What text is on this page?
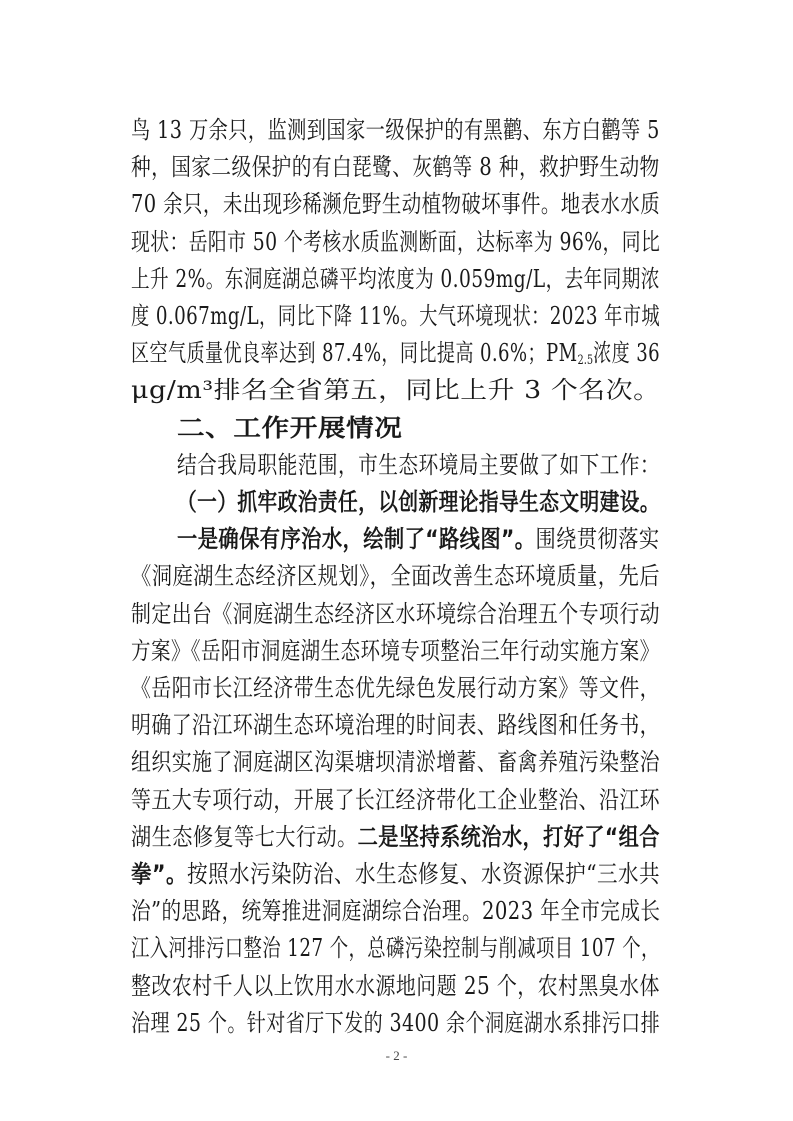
鸟 13 万余只，监测到国家一级保护的有黑鹳、东方白鹳等 5
种，国家二级保护的有白琵鹭、灰鹤等 8 种，救护野生动物
70 余只，未出现珍稀濒危野生动植物破坏事件。地表水水质
现状：岳阳市 50 个考核水质监测断面，达标率为 96%，同比
上升 2%。东洞庭湖总磷平均浓度为 0.059mg/L，去年同期浓
度 0.067mg/L，同比下降 11%。大气环境现状：2023 年市城
区空气质量优良率达到 87.4%，同比提高 0.6%；$PM_{2.5}$浓度 36
μg/m³排名全省第五，同比上升 3 个名次。
二、工作开展情况
结合我局职能范围，市生态环境局主要做了如下工作：
（一）抓牢政治责任，以创新理论指导生态文明建设。
一是确保有序治水，绘制了“路线图”。围绕贯彻落实
《洞庭湖生态经济区规划》，全面改善生态环境质量，先后
制定出台《洞庭湖生态经济区水环境综合治理五个专项行动
方案》《岳阳市洞庭湖生态环境专项整治三年行动实施方案》
《岳阳市长江经济带生态优先绿色发展行动方案》等文件，
明确了沿江环湖生态环境治理的时间表、路线图和任务书，
组织实施了洞庭湖区沟渠塘坝清淤增蓄、畜禽养殖污染整治
等五大专项行动，开展了长江经济带化工企业整治、沿江环
湖生态修复等七大行动。二是坚持系统治水，打好了“组合
拳”。按照水污染防治、水生态修复、水资源保护“三水共
治”的思路，统筹推进洞庭湖综合治理。2023 年全市完成长
江入河排污口整治 127 个，总磷污染控制与削减项目 107 个，
整改农村千人以上饮用水水源地问题 25 个，农村黑臭水体
治理 25 个。针对省厅下发的 3400 余个洞庭湖水系排污口排
- 2 -
